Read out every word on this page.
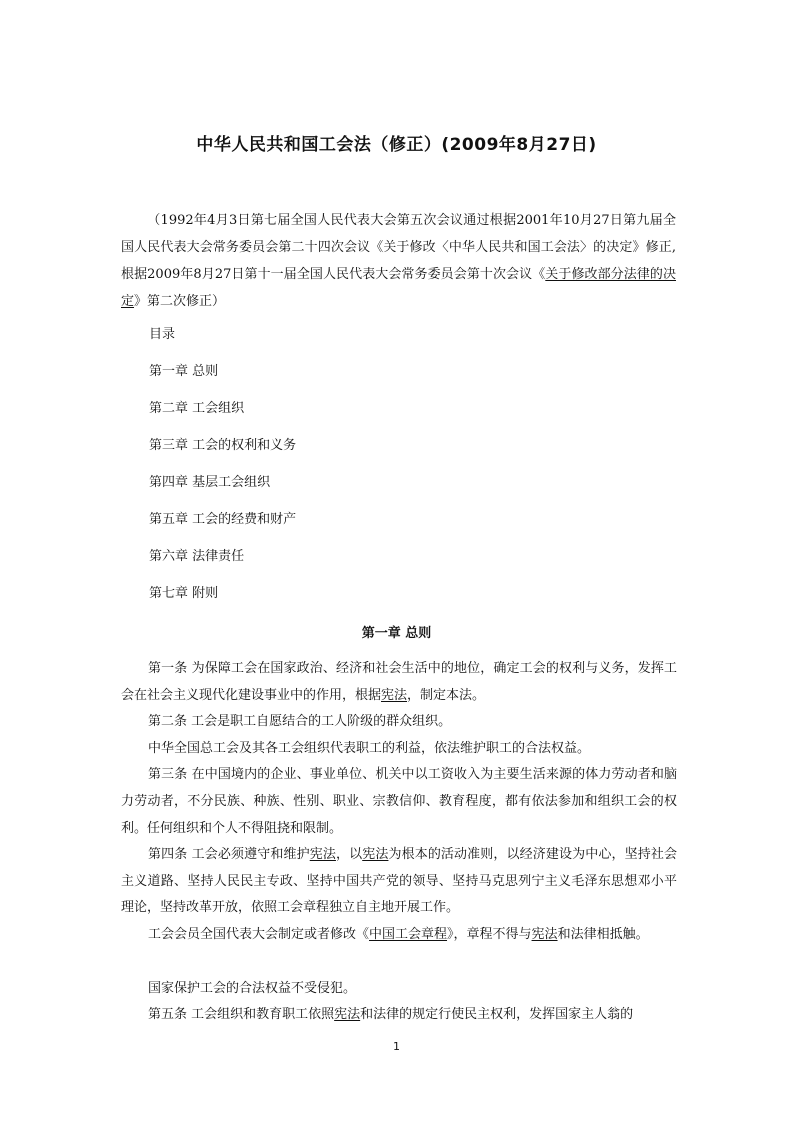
中华人民共和国工会法（修正）(2009年8月27日)

（1992年4月3日第七届全国人民代表大会第五次会议通过根据2001年10月27日第九届全国人民代表大会常务委员会第二十四次会议《关于修改〈中华人民共和国工会法〉的决定》修正,根据2009年8月27日第十一届全国人民代表大会常务委员会第十次会议《关于修改部分法律的决定》第二次修正）

目录
第一章 总则
第二章 工会组织
第三章 工会的权利和义务
第四章 基层工会组织
第五章 工会的经费和财产
第六章 法律责任
第七章 附则
第一章 总则

第一条 为保障工会在国家政治、经济和社会生活中的地位，确定工会的权利与义务，发挥工会在社会主义现代化建设事业中的作用，根据宪法，制定本法。

第二条 工会是职工自愿结合的工人阶级的群众组织。

中华全国总工会及其各工会组织代表职工的利益，依法维护职工的合法权益。

第三条 在中国境内的企业、事业单位、机关中以工资收入为主要生活来源的体力劳动者和脑力劳动者，不分民族、种族、性别、职业、宗教信仰、教育程度，都有依法参加和组织工会的权利。任何组织和个人不得阻挠和限制。

第四条 工会必须遵守和维护宪法，以宪法为根本的活动准则，以经济建设为中心，坚持社会主义道路、坚持人民民主专政、坚持中国共产党的领导、坚持马克思列宁主义毛泽东思想邓小平理论，坚持改革开放，依照工会章程独立自主地开展工作。

工会会员全国代表大会制定或者修改《中国工会章程》，章程不得与宪法和法律相抵触。

国家保护工会的合法权益不受侵犯。

第五条 工会组织和教育职工依照宪法和法律的规定行使民主权利，发挥国家主人翁的

1
